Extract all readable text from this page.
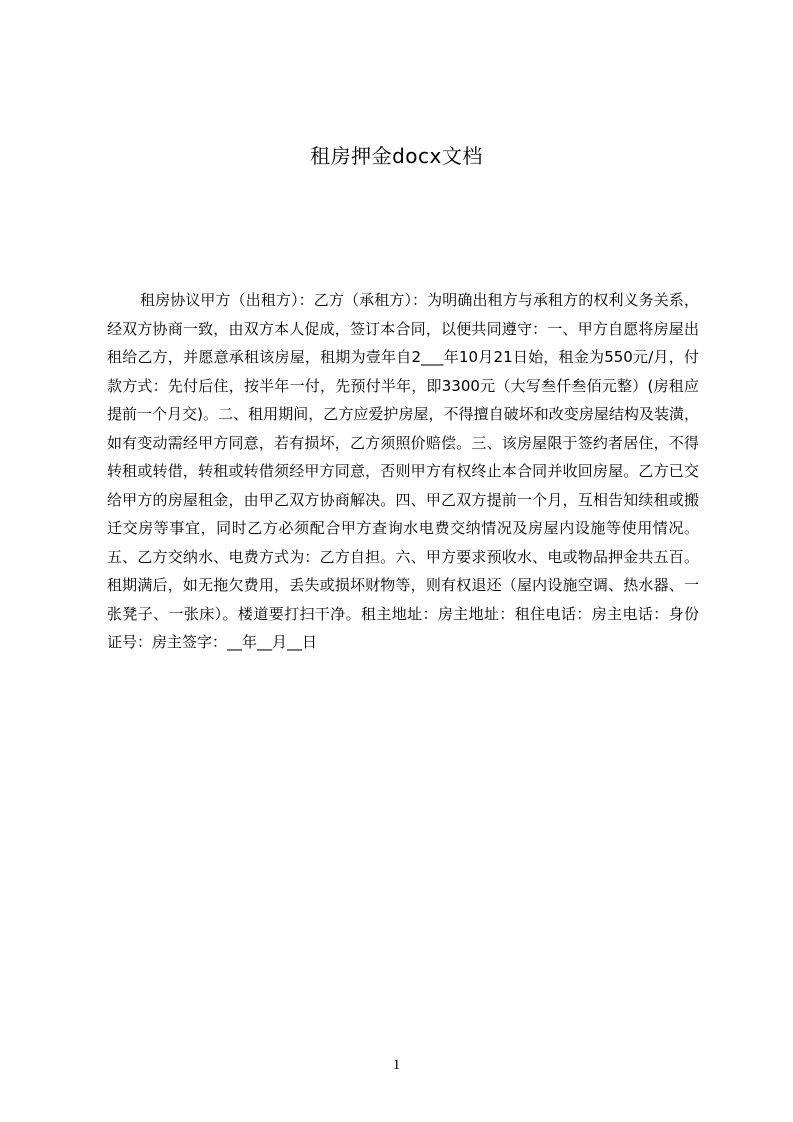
租房押金docx文档

租房协议甲方（出租方）：乙方（承租方）：为明确出租方与承租方的权利义务关系，经双方协商一致，由双方本人促成，签订本合同，以便共同遵守：一、甲方自愿将房屋出租给乙方，并愿意承租该房屋，租期为壹年自2___年10月21日始，租金为550元/月，付款方式：先付后住，按半年一付，先预付半年，即3300元（大写叁仟叁佰元整）(房租应提前一个月交)。二、租用期间，乙方应爱护房屋，不得擅自破坏和改变房屋结构及装潢，如有变动需经甲方同意，若有损坏，乙方须照价赔偿。三、该房屋限于签约者居住，不得转租或转借，转租或转借须经甲方同意，否则甲方有权终止本合同并收回房屋。乙方已交给甲方的房屋租金，由甲乙双方协商解决。四、甲乙双方提前一个月，互相告知续租或搬迁交房等事宜，同时乙方必须配合甲方查询水电费交纳情况及房屋内设施等使用情况。五、乙方交纳水、电费方式为：乙方自担。六、甲方要求预收水、电或物品押金共五百。租期满后，如无拖欠费用，丢失或损坏财物等，则有权退还（屋内设施空调、热水器、一张凳子、一张床）。楼道要打扫干净。租主地址：房主地址：租住电话：房主电话：身份证号：房主签字：__年__月__日

1
